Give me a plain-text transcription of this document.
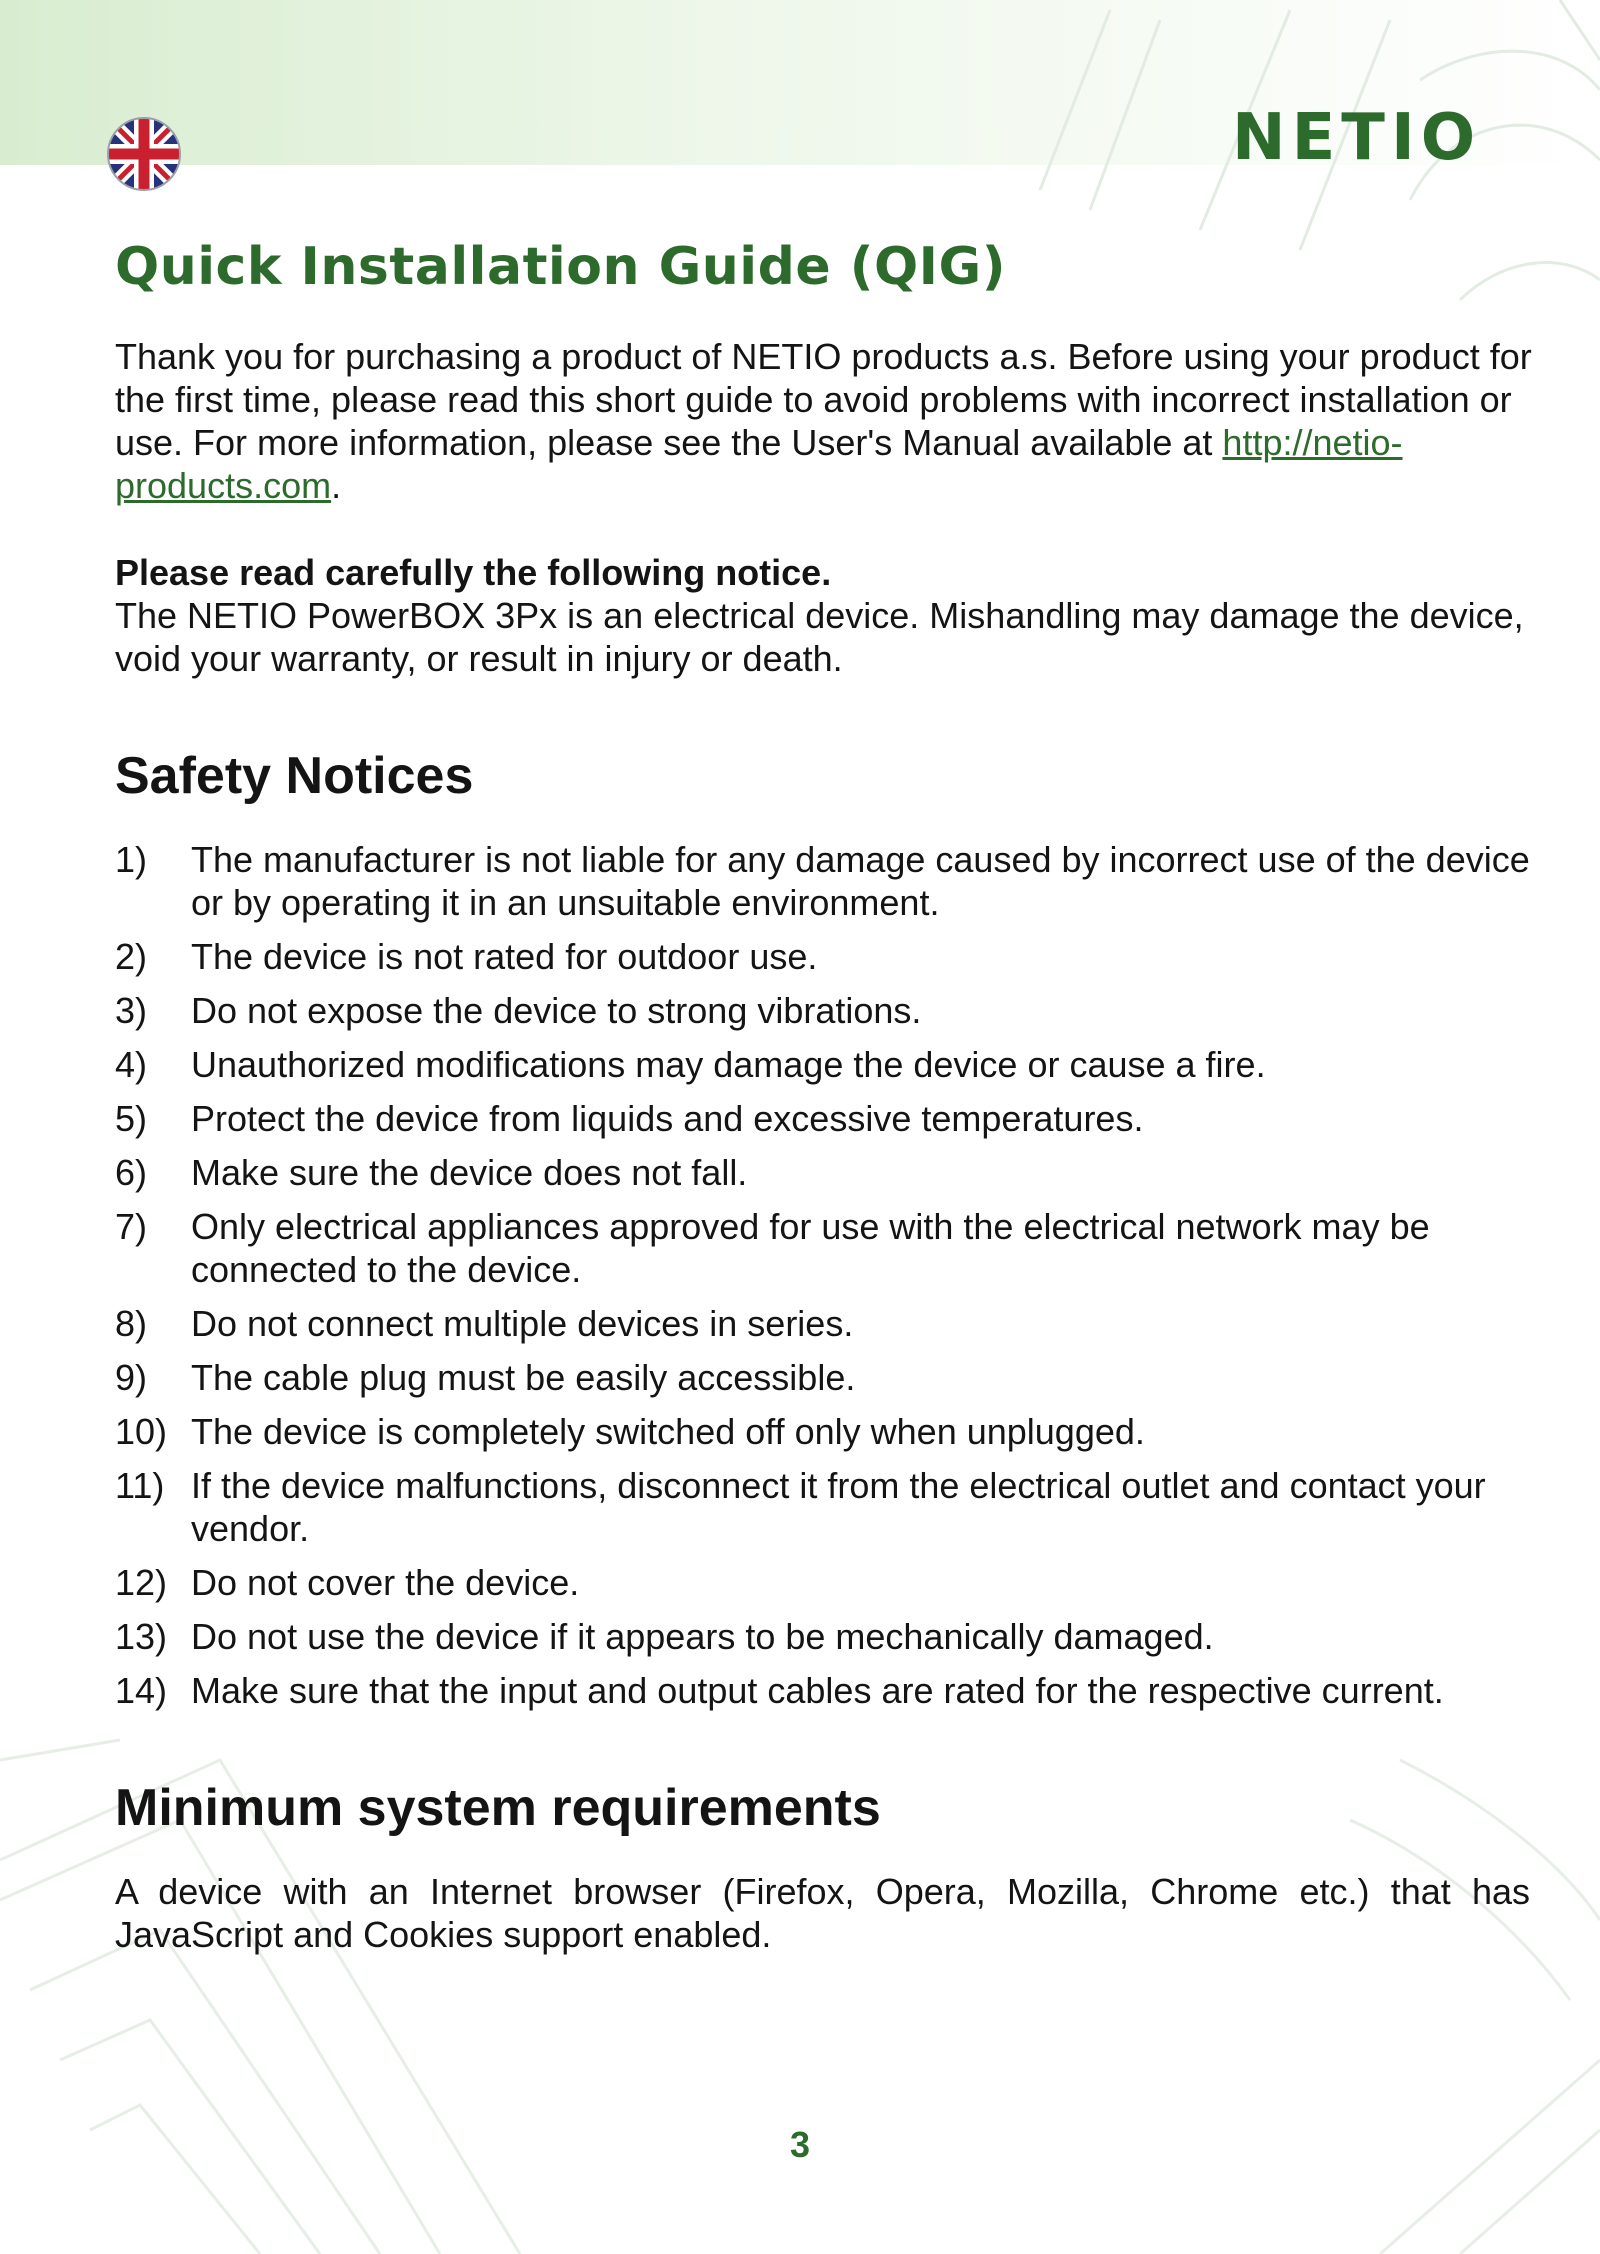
NETIO
Quick Installation Guide (QIG)

Thank you for purchasing a product of NETIO products a.s. Before using your product for the first time, please read this short guide to avoid problems with incorrect installation or use. For more information, please see the User's Manual available at http://netio-products.com.

Please read carefully the following notice.

The NETIO PowerBOX 3Px is an electrical device. Mishandling may damage the device, void your warranty, or result in injury or death.

Safety Notices
1) The manufacturer is not liable for any damage caused by incorrect use of the device or by operating it in an unsuitable environment.
2) The device is not rated for outdoor use.
3) Do not expose the device to strong vibrations.
4) Unauthorized modifications may damage the device or cause a fire.
5) Protect the device from liquids and excessive temperatures.
6) Make sure the device does not fall.
7) Only electrical appliances approved for use with the electrical network may be connected to the device.
8) Do not connect multiple devices in series.
9) The cable plug must be easily accessible.
10) The device is completely switched off only when unplugged.
11) If the device malfunctions, disconnect it from the electrical outlet and contact your vendor.
12) Do not cover the device.
13) Do not use the device if it appears to be mechanically damaged.
14) Make sure that the input and output cables are rated for the respective current.
Minimum system requirements

A device with an Internet browser (Firefox, Opera, Mozilla, Chrome etc.) that has JavaScript and Cookies support enabled.

3
